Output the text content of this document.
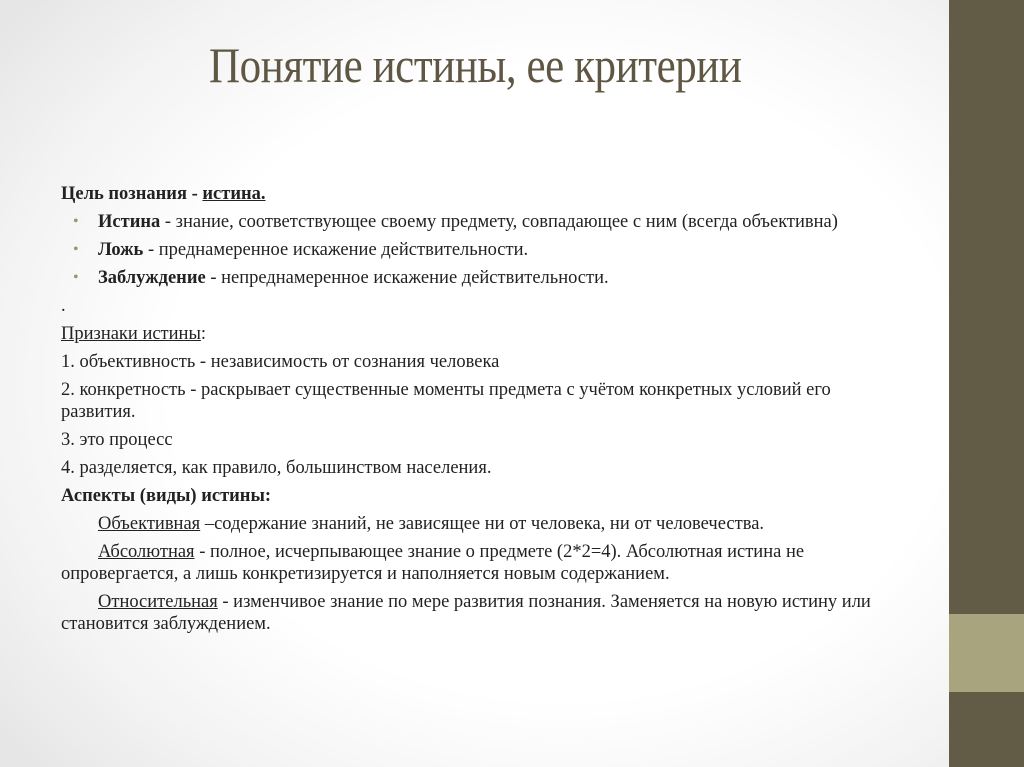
Понятие истины, ее критерии

Цель познания - истина.

• Истина - знание, соответствующее своему предмету, совпадающее с ним (всегда объективна)
• Ложь - преднамеренное искажение действительности.
• Заблуждение - непреднамеренное искажение действительности.

.

Признаки истины:

1. объективность - независимость от сознания человека

2. конкретность - раскрывает существенные моменты предмета с учётом конкретных условий его развития.

3. это процесс

4. разделяется, как правило, большинством населения.

Аспекты (виды) истины:

Объективная –содержание знаний, не зависящее ни от человека, ни от человечества.

Абсолютная - полное, исчерпывающее знание о предмете (2*2=4). Абсолютная истина не опровергается, а лишь конкретизируется и наполняется новым содержанием.

Относительная - изменчивое знание по мере развития познания. Заменяется на новую истину или становится заблуждением.
